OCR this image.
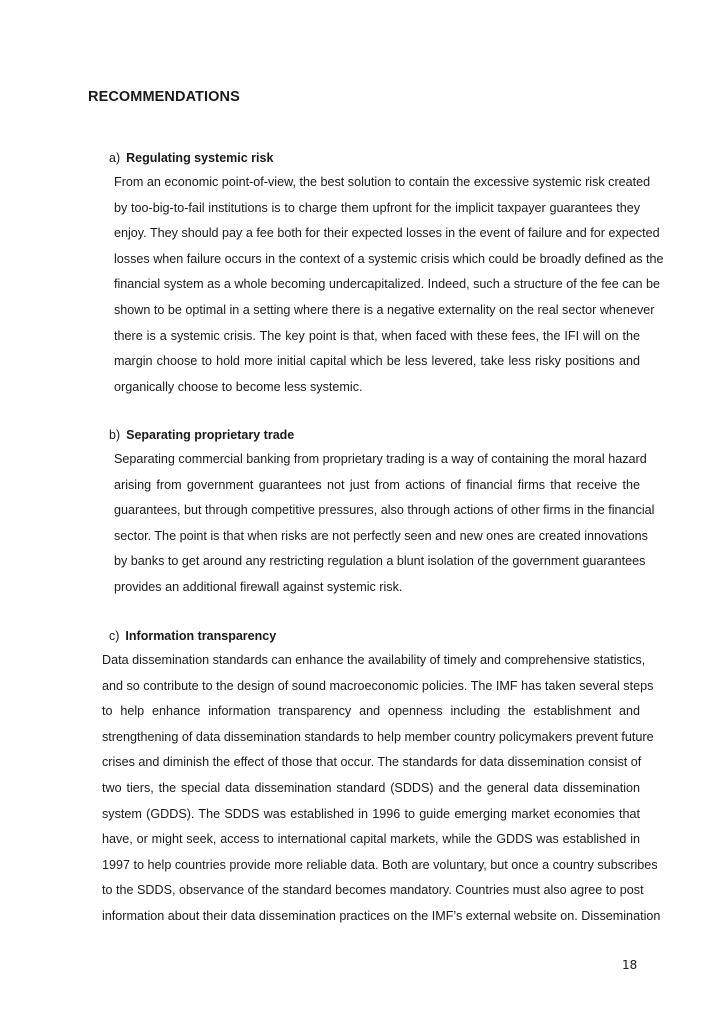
RECOMMENDATIONS
a) Regulating systemic risk
From an economic point-of-view, the best solution to contain the excessive systemic risk created
by too-big-to-fail institutions is to charge them upfront for the implicit taxpayer guarantees they
enjoy. They should pay a fee both for their expected losses in the event of failure and for expected
losses when failure occurs in the context of a systemic crisis which could be broadly defined as the
financial system as a whole becoming undercapitalized. Indeed, such a structure of the fee can be
shown to be optimal in a setting where there is a negative externality on the real sector whenever
there is a systemic crisis. The key point is that, when faced with these fees, the IFI will on the
margin choose to hold more initial capital which be less levered, take less risky positions and
organically choose to become less systemic.
b) Separating proprietary trade
Separating commercial banking from proprietary trading is a way of containing the moral hazard
arising from government guarantees not just from actions of financial firms that receive the
guarantees, but through competitive pressures, also through actions of other firms in the financial
sector. The point is that when risks are not perfectly seen and new ones are created innovations
by banks to get around any restricting regulation a blunt isolation of the government guarantees
provides an additional firewall against systemic risk.
c) Information transparency
Data dissemination standards can enhance the availability of timely and comprehensive statistics,
and so contribute to the design of sound macroeconomic policies. The IMF has taken several steps
to help enhance information transparency and openness including the establishment and
strengthening of data dissemination standards to help member country policymakers prevent future
crises and diminish the effect of those that occur. The standards for data dissemination consist of
two tiers, the special data dissemination standard (SDDS) and the general data dissemination
system (GDDS). The SDDS was established in 1996 to guide emerging market economies that
have, or might seek, access to international capital markets, while the GDDS was established in
1997 to help countries provide more reliable data. Both are voluntary, but once a country subscribes
to the SDDS, observance of the standard becomes mandatory. Countries must also agree to post
information about their data dissemination practices on the IMF’s external website on. Dissemination
18
